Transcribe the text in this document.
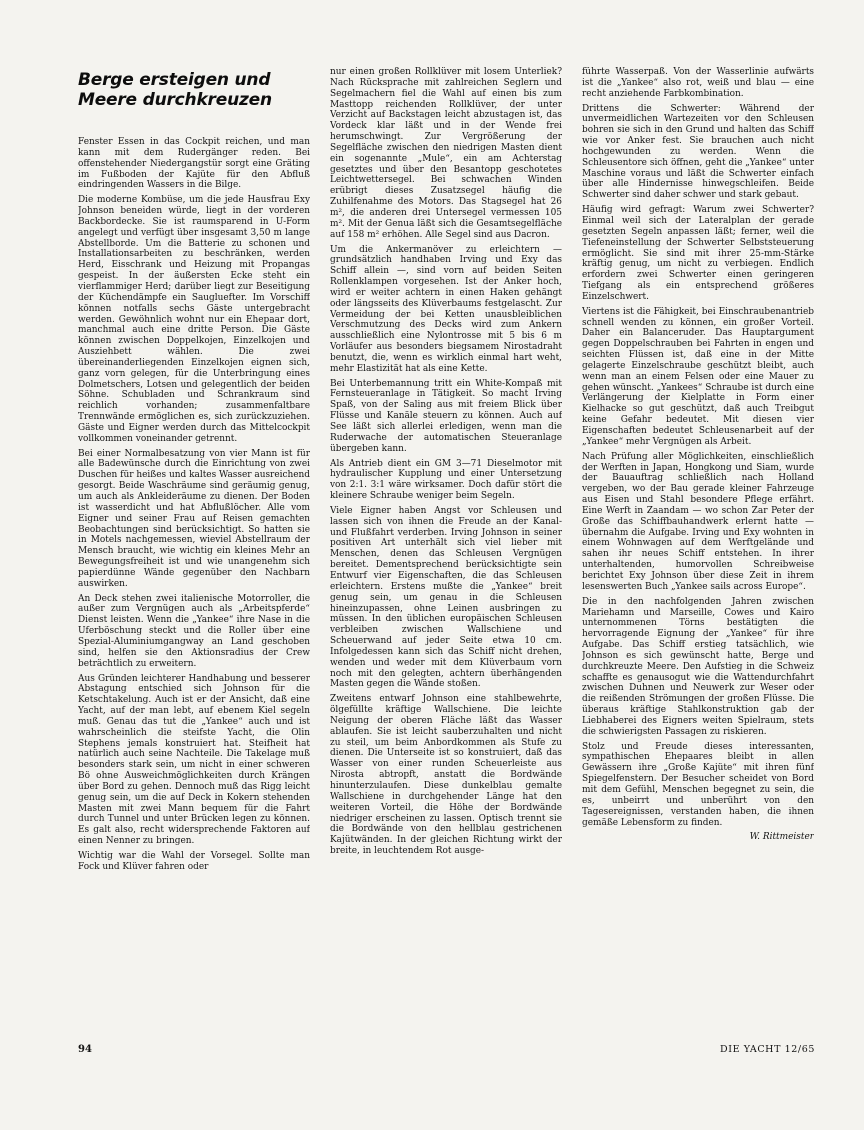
Berge ersteigen und
Meere durchkreuzen

Fenster Essen in das Cockpit reichen, und man kann mit dem Rudergänger reden. Bei offenstehender Niedergangstür sorgt eine Gräting im Fußboden der Kajüte für den Abfluß eindringenden Wassers in die Bilge.

Die moderne Kombüse, um die jede Hausfrau Exy Johnson beneiden würde, liegt in der vorderen Backbordecke. Sie ist raumsparend in U-Form angelegt und verfügt über insgesamt 3,50 m lange Abstellborde. Um die Batterie zu schonen und Installationsarbeiten zu beschränken, werden Herd, Eisschrank und Heizung mit Propangas gespeist. In der äußersten Ecke steht ein vierflammiger Herd; darüber liegt zur Beseitigung der Küchendämpfe ein Saugluefter. Im Vorschiff können notfalls sechs Gäste untergebracht werden. Gewöhnlich wohnt nur ein Ehepaar dort, manchmal auch eine dritte Person. Die Gäste können zwischen Doppelkojen, Einzelkojen und Ausziehbett wählen. Die zwei übereinanderliegenden Einzelkojen eignen sich, ganz vorn gelegen, für die Unterbringung eines Dolmetschers, Lotsen und gelegentlich der beiden Söhne. Schubladen und Schrankraum sind reichlich vorhanden; zusammenfaltbare Trennwände ermöglichen es, sich zurückzuziehen. Gäste und Eigner werden durch das Mittelcockpit vollkommen voneinander getrennt.

Bei einer Normalbesatzung von vier Mann ist für alle Badewünsche durch die Einrichtung von zwei Duschen für heißes und kaltes Wasser ausreichend gesorgt. Beide Waschräume sind geräumig genug, um auch als Ankleideräume zu dienen. Der Boden ist wasserdicht und hat Abflußlöcher. Alle vom Eigner und seiner Frau auf Reisen gemachten Beobachtungen sind berücksichtigt. So hatten sie in Motels nachgemessen, wieviel Abstellraum der Mensch braucht, wie wichtig ein kleines Mehr an Bewegungsfreiheit ist und wie unangenehm sich papierdünne Wände gegenüber den Nachbarn auswirken.

An Deck stehen zwei italienische Motorroller, die außer zum Vergnügen auch als „Arbeitspferde“ Dienst leisten. Wenn die „Yankee“ ihre Nase in die Uferböschung steckt und die Roller über eine Spezial-Aluminiumgangway an Land geschoben sind, helfen sie den Aktionsradius der Crew beträchtlich zu erweitern.

Aus Gründen leichterer Handhabung und besserer Abstagung entschied sich Johnson für die Ketschtakelung. Auch ist er der Ansicht, daß eine Yacht, auf der man lebt, auf ebenem Kiel segeln muß. Genau das tut die „Yankee“ auch und ist wahrscheinlich die steifste Yacht, die Olin Stephens jemals konstruiert hat. Steifheit hat natürlich auch seine Nachteile. Die Takelage muß besonders stark sein, um nicht in einer schweren Bö ohne Ausweichmöglichkeiten durch Krängen über Bord zu gehen. Dennoch muß das Rigg leicht genug sein, um die auf Deck in Kokern stehenden Masten mit zwei Mann bequem für die Fahrt durch Tunnel und unter Brücken legen zu können. Es galt also, recht widersprechende Faktoren auf einen Nenner zu bringen.

Wichtig war die Wahl der Vorsegel. Sollte man Fock und Klüver fahren oder

nur einen großen Rollklüver mit losem Unterliek? Nach Rücksprache mit zahlreichen Seglern und Segelmachern fiel die Wahl auf einen bis zum Masttopp reichenden Rollklüver, der unter Verzicht auf Backstagen leicht abzustagen ist, das Vordeck klar läßt und in der Wende frei herumschwingt. Zur Vergrößerung der Segelfläche zwischen den niedrigen Masten dient ein sogenannte „Mule“, ein am Achterstag gesetztes und über den Besantopp geschotetes Leichtwettersegel. Bei schwachen Winden erübrigt dieses Zusatzsegel häufig die Zuhilfenahme des Motors. Das Stagsegel hat 26 m², die anderen drei Untersegel vermessen 105 m². Mit der Genua läßt sich die Gesamtsegelfläche auf 158 m² erhöhen. Alle Segel sind aus Dacron.

Um die Ankermanöver zu erleichtern — grundsätzlich handhaben Irving und Exy das Schiff allein —, sind vorn auf beiden Seiten Rollenklampen vorgesehen. Ist der Anker hoch, wird er weiter achtern in einen Haken gehängt oder längsseits des Klüverbaums festgelascht. Zur Vermeidung der bei Ketten unausbleiblichen Verschmutzung des Decks wird zum Ankern ausschließlich eine Nylontrosse mit 5 bis 6 m Vorläufer aus besonders biegsamem Nirostadraht benutzt, die, wenn es wirklich einmal hart weht, mehr Elastizität hat als eine Kette.

Bei Unterbemannung tritt ein White-Kompaß mit Fernsteueranlage in Tätigkeit. So macht Irving Spaß, von der Saling aus mit freiem Blick über Flüsse und Kanäle steuern zu können. Auch auf See läßt sich allerlei erledigen, wenn man die Ruderwache der automatischen Steueranlage übergeben kann.

Als Antrieb dient ein GM 3—71 Dieselmotor mit hydraulischer Kupplung und einer Untersetzung von 2:1. 3:1 wäre wirksamer. Doch dafür stört die kleinere Schraube weniger beim Segeln.

Viele Eigner haben Angst vor Schleusen und lassen sich von ihnen die Freude an der Kanal- und Flußfahrt verderben. Irving Johnson in seiner positiven Art unterhält sich viel lieber mit Menschen, denen das Schleusen Vergnügen bereitet. Dementsprechend berücksichtigte sein Entwurf vier Eigenschaften, die das Schleusen erleichtern. Erstens mußte die „Yankee“ breit genug sein, um genau in die Schleusen hineinzupassen, ohne Leinen ausbringen zu müssen. In den üblichen europäischen Schleusen verbleiben zwischen Wallschiene und Scheuerwand auf jeder Seite etwa 10 cm. Infolgedessen kann sich das Schiff nicht drehen, wenden und weder mit dem Klüverbaum vorn noch mit den gelegten, achtern überhängenden Masten gegen die Wände stoßen.

Zweitens entwarf Johnson eine stahlbewehrte, ölgefüllte kräftige Wallschiene. Die leichte Neigung der oberen Fläche läßt das Wasser ablaufen. Sie ist leicht sauberzuhalten und nicht zu steil, um beim Anbordkommen als Stufe zu dienen. Die Unterseite ist so konstruiert, daß das Wasser von einer runden Scheuerleiste aus Nirosta abtropft, anstatt die Bordwände hinunterzulaufen. Diese dunkelblau gemalte Wallschiene in durchgehender Länge hat den weiteren Vorteil, die Höhe der Bordwände niedriger erscheinen zu lassen. Optisch trennt sie die Bordwände von den hellblau gestrichenen Kajütwänden. In der gleichen Richtung wirkt der breite, in leuchtendem Rot ausge-

führte Wasserpaß. Von der Wasserlinie aufwärts ist die „Yankee“ also rot, weiß und blau — eine recht anziehende Farbkombination.

Drittens die Schwerter: Während der unvermeidlichen Wartezeiten vor den Schleusen bohren sie sich in den Grund und halten das Schiff wie vor Anker fest. Sie brauchen auch nicht hochgewunden zu werden. Wenn die Schleusentore sich öffnen, geht die „Yankee“ unter Maschine voraus und läßt die Schwerter einfach über alle Hindernisse hinwegschleifen. Beide Schwerter sind daher schwer und stark gebaut.

Häufig wird gefragt: Warum zwei Schwerter? Einmal weil sich der Lateralplan der gerade gesetzten Segeln anpassen läßt; ferner, weil die Tiefeneinstellung der Schwerter Selbststeuerung ermöglicht. Sie sind mit ihrer 25-mm-Stärke kräftig genug, um nicht zu verbiegen. Endlich erfordern zwei Schwerter einen geringeren Tiefgang als ein entsprechend größeres Einzelschwert.

Viertens ist die Fähigkeit, bei Einschraubenantrieb schnell wenden zu können, ein großer Vorteil. Daher ein Balanceruder. Das Hauptargument gegen Doppelschrauben bei Fahrten in engen und seichten Flüssen ist, daß eine in der Mitte gelagerte Einzelschraube geschützt bleibt, auch wenn man an einem Felsen oder eine Mauer zu gehen wünscht. „Yankees“ Schraube ist durch eine Verlängerung der Kielplatte in Form einer Kielhacke so gut geschützt, daß auch Treibgut keine Gefahr bedeutet. Mit diesen vier Eigenschaften bedeutet Schleusenarbeit auf der „Yankee“ mehr Vergnügen als Arbeit.

Nach Prüfung aller Möglichkeiten, einschließlich der Werften in Japan, Hongkong und Siam, wurde der Bauauftrag schließlich nach Holland vergeben, wo der Bau gerade kleiner Fahrzeuge aus Eisen und Stahl besondere Pflege erfährt. Eine Werft in Zaandam — wo schon Zar Peter der Große das Schiffbauhandwerk erlernt hatte — übernahm die Aufgabe. Irving und Exy wohnten in einem Wohnwagen auf dem Werftgelände und sahen ihr neues Schiff entstehen. In ihrer unterhaltenden, humorvollen Schreibweise berichtet Exy Johnson über diese Zeit in ihrem lesenswerten Buch „Yankee sails across Europe“.

Die in den nachfolgenden Jahren zwischen Mariehamn und Marseille, Cowes und Kairo unternommenen Törns bestätigten die hervorragende Eignung der „Yankee“ für ihre Aufgabe. Das Schiff erstieg tatsächlich, wie Johnson es sich gewünscht hatte, Berge und durchkreuzte Meere. Den Aufstieg in die Schweiz schaffte es genausogut wie die Wattendurchfahrt zwischen Duhnen und Neuwerk zur Weser oder die reißenden Strömungen der großen Flüsse. Die überaus kräftige Stahlkonstruktion gab der Liebhaberei des Eigners weiten Spielraum, stets die schwierigsten Passagen zu riskieren.

Stolz und Freude dieses interessanten, sympathischen Ehepaares bleibt in allen Gewässern ihre „Große Kajüte“ mit ihren fünf Spiegelfenstern. Der Besucher scheidet von Bord mit dem Gefühl, Menschen begegnet zu sein, die es, unbeirrt und unberührt von den Tagesereignissen, verstanden haben, die ihnen gemäße Lebensform zu finden.

W. Rittmeister

94	DIE YACHT 12/65
